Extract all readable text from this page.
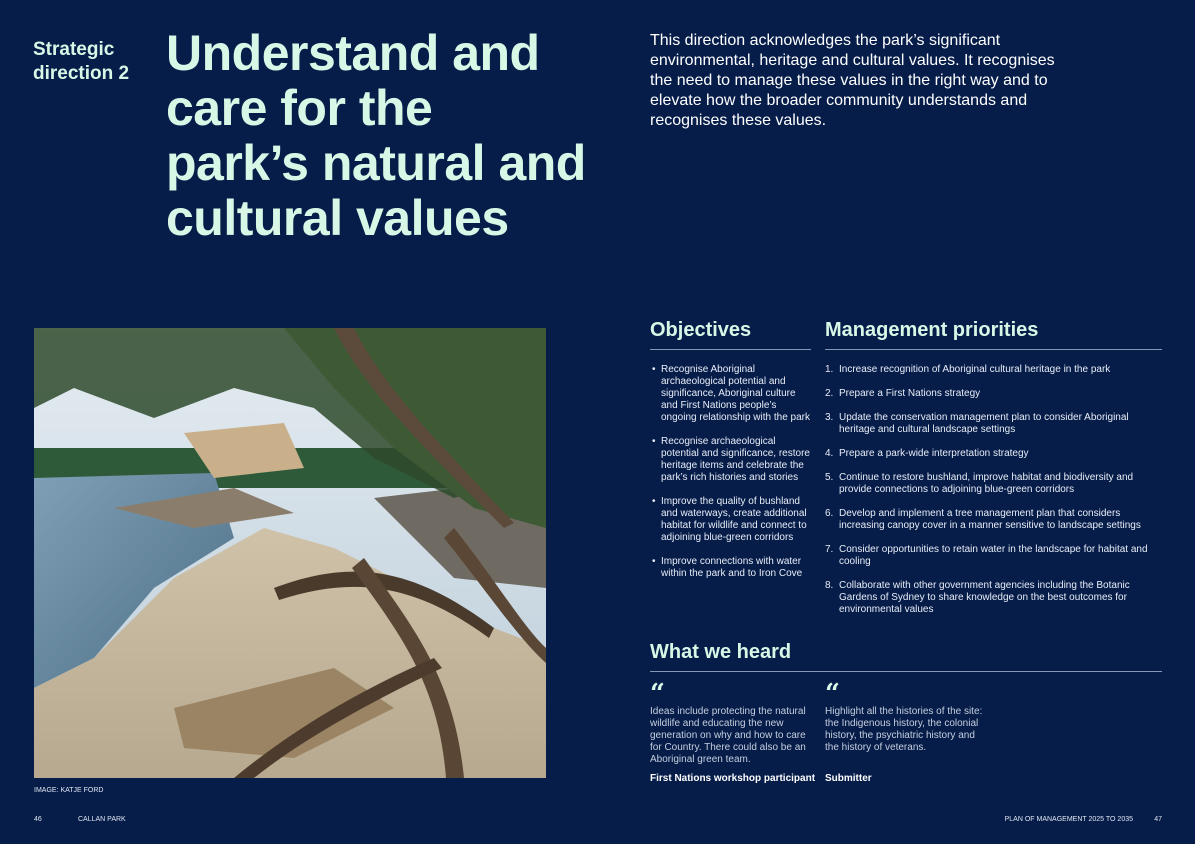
Strategic direction 2 Understand and care for the park’s natural and cultural values
This direction acknowledges the park’s significant environmental, heritage and cultural values. It recognises the need to manage these values in the right way and to elevate how the broader community understands and recognises these values.
IMAGE: KATJE FORD
Objectives
• Recognise Aboriginal archaeological potential and significance, Aboriginal culture and First Nations people’s ongoing relationship with the park
• Recognise archaeological potential and significance, restore heritage items and celebrate the park’s rich histories and stories
• Improve the quality of bushland and waterways, create additional habitat for wildlife and connect to adjoining blue-green corridors
• Improve connections with water within the park and to Iron Cove
Management priorities
1. Increase recognition of Aboriginal cultural heritage in the park
2. Prepare a First Nations strategy
3. Update the conservation management plan to consider Aboriginal heritage and cultural landscape settings
4. Prepare a park-wide interpretation strategy
5. Continue to restore bushland, improve habitat and biodiversity and provide connections to adjoining blue-green corridors
6. Develop and implement a tree management plan that considers increasing canopy cover in a manner sensitive to landscape settings
7. Consider opportunities to retain water in the landscape for habitat and cooling
8. Collaborate with other government agencies including the Botanic Gardens of Sydney to share knowledge on the best outcomes for environmental values
What we heard
“
Ideas include protecting the natural wildlife and educating the new generation on why and how to care for Country. There could also be an Aboriginal green team.
First Nations workshop participant
“
Highlight all the histories of the site: the Indigenous history, the colonial history, the psychiatric history and the history of veterans.
Submitter
46	CALLAN PARK	PLAN OF MANAGEMENT 2025 TO 2035	47
